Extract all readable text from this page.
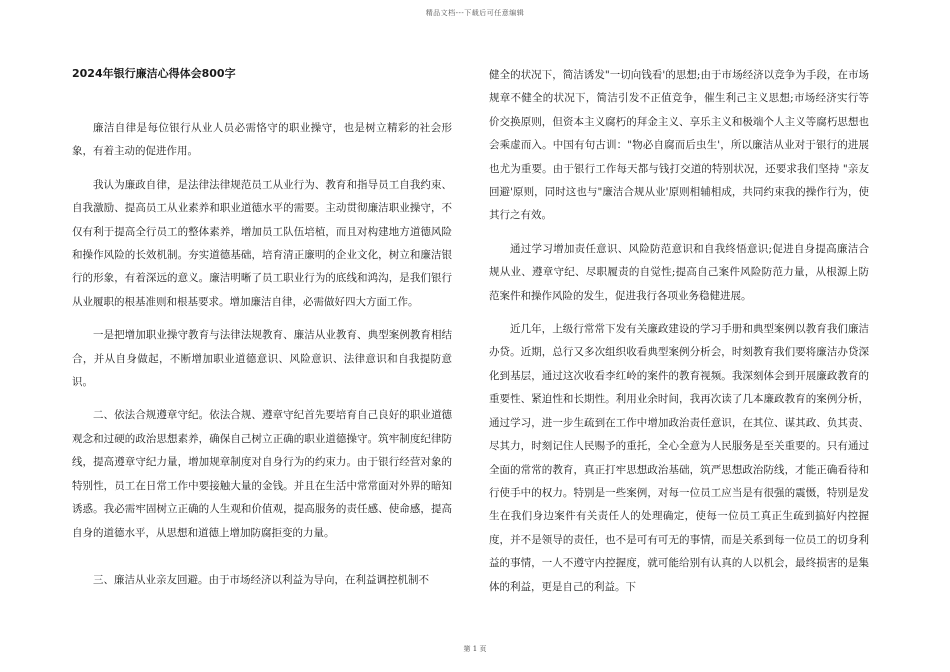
精品文档---下载后可任意编辑
2024年银行廉洁心得体会800字

廉洁自律是每位银行从业人员必需恪守的职业操守，也是树立精彩的社会形象，有着主动的促进作用。

我认为廉政自律，是法律法律规范员工从业行为、教育和指导员工自我约束、自我激励、提高员工从业素养和职业道德水平的需要。主动贯彻廉洁职业操守，不仅有利于提高全行员工的整体素养，增加员工队伍培植，而且对构建地方道德风险和操作风险的长效机制。夯实道德基础，培育清正廉明的企业文化，树立和廉洁银行的形象，有着深远的意义。廉洁明晰了员工职业行为的底线和鸿沟，是我们银行从业履职的根基准则和根基要求。增加廉洁自律，必需做好四大方面工作。

一是把增加职业操守教育与法律法规教育、廉洁从业教育、典型案例教育相结合，并从自身做起，不断增加职业道德意识、风险意识、法律意识和自我提防意识。

二、依法合规遵章守纪。依法合规、遵章守纪首先要培育自己良好的职业道德观念和过硬的政治思想素养，确保自己树立正确的职业道德操守。筑牢制度纪律防线，提高遵章守纪力量，增加规章制度对自身行为的约束力。由于银行经营对象的特别性，员工在日常工作中要接触大量的金钱。并且在生活中常常面对外界的暗知诱惑。我必需牢固树立正确的人生观和价值观，提高服务的责任感、使命感，提高自身的道德水平，从思想和道德上增加防腐拒变的力量。

三、廉洁从业亲友回避。由于市场经济以利益为导向，在利益调控机制不

健全的状况下，简洁诱发"一切向钱看'的思想;由于市场经济以竞争为手段，在市场规章不健全的状况下，简洁引发不正值竞争，催生利己主义思想;市场经济实行等价交换原则，但资本主义腐朽的拜金主义、享乐主义和极端个人主义等腐朽思想也会乘虚而入。中国有句古训："物必自腐而后虫生'，所以廉洁从业对于银行的进展也尤为重要。由于银行工作每天都与钱打交道的特别状况，还要求我们坚持 "亲友回避'原则，同时这也与"廉洁合规从业'原则相辅相成，共同约束我的操作行为，使其行之有效。

通过学习增加责任意识、风险防范意识和自我终悟意识;促进自身提高廉洁合规从业、遵章守纪、尽职履责的自觉性;提高自己案件风险防范力量，从根源上防范案件和操作风险的发生，促进我行各项业务稳健进展。

近几年，上级行常常下发有关廉政建设的学习手册和典型案例以教育我们廉洁办贷。近期，总行又多次组织收看典型案例分析会，时刻教育我们要将廉洁办贷深化到基层，通过这次收看李红岭的案件的教育视频。我深刻体会到开展廉政教育的重要性、紧迫性和长期性。利用业余时间，我再次读了几本廉政教育的案例分析，通过学习，进一步生疏到在工作中增加政治责任意识，在其位、谋其政、负其责、尽其力，时刻记住人民赐予的重托，全心全意为人民服务是至关重要的。只有通过全面的常常的教育，真正打牢思想政治基础，筑严思想政治防线，才能正确看待和行使手中的权力。特别是一些案例，对每一位员工应当是有很强的震慑，特别是发生在我们身边案件有关责任人的处理确定，使每一位员工真正生疏到搞好内控握度，并不是领导的责任，也不是可有可无的事情，而是关系到每一位员工的切身利益的事情，一人不遵守内控握度，就可能给别有认真的人以机会，最终损害的是集体的利益，更是自己的利益。下

第 1 页
